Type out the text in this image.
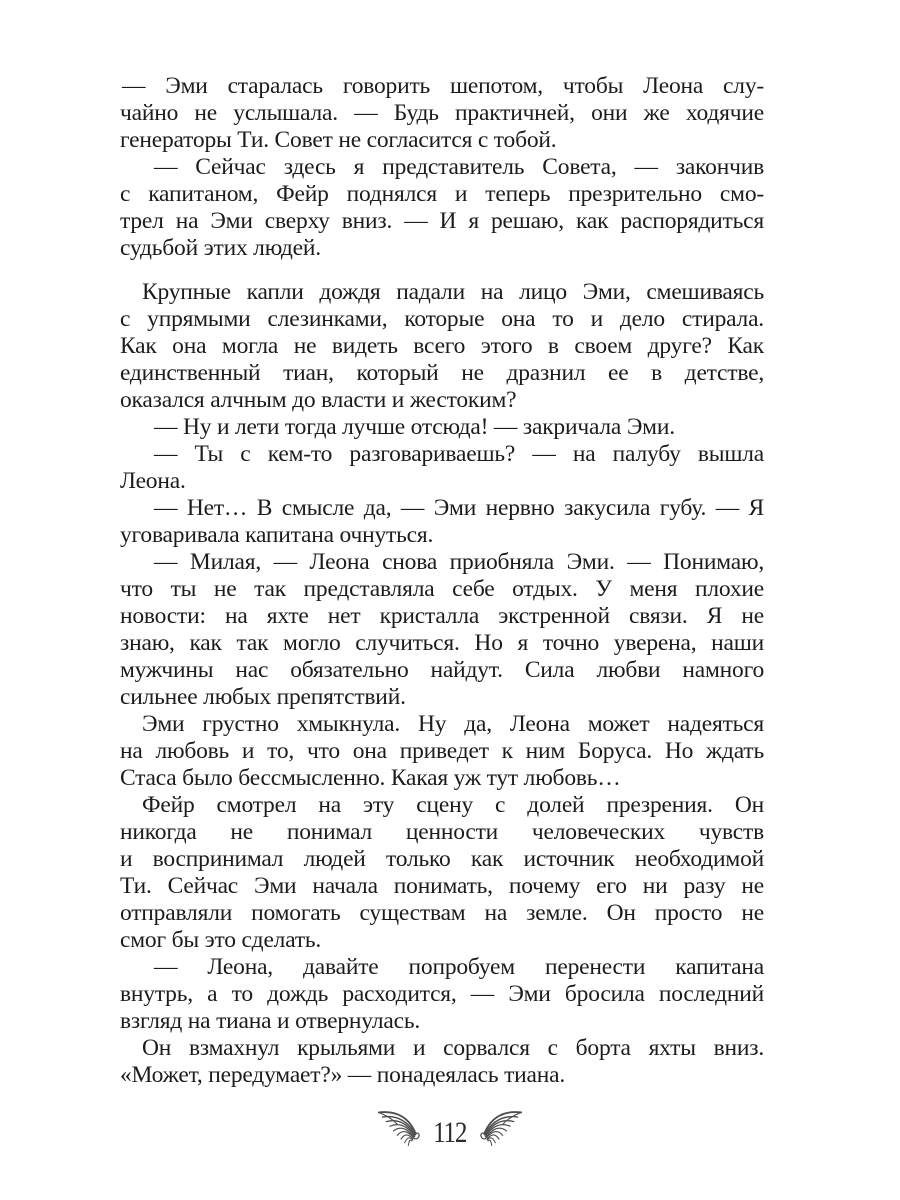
— Эми старалась говорить шепотом, чтобы Леона слу-
чайно не услышала. — Будь практичней, они же ходячие
генераторы Ти. Совет не согласится с тобой.
— Сейчас здесь я представитель Совета, — закончив
с капитаном, Фейр поднялся и теперь презрительно смо-
трел на Эми сверху вниз. — И я решаю, как распорядиться
судьбой этих людей.
Крупные капли дождя падали на лицо Эми, смешиваясь
с упрямыми слезинками, которые она то и дело стирала.
Как она могла не видеть всего этого в своем друге? Как
единственный тиан, который не дразнил ее в детстве,
оказался алчным до власти и жестоким?
— Ну и лети тогда лучше отсюда! — закричала Эми.
— Ты с кем-то разговариваешь? — на палубу вышла
Леона.
— Нет… В смысле да, — Эми нервно закусила губу. — Я
уговаривала капитана очнуться.
— Милая, — Леона снова приобняла Эми. — Понимаю,
что ты не так представляла себе отдых. У меня плохие
новости: на яхте нет кристалла экстренной связи. Я не
знаю, как так могло случиться. Но я точно уверена, наши
мужчины нас обязательно найдут. Сила любви намного
сильнее любых препятствий.
Эми грустно хмыкнула. Ну да, Леона может надеяться
на любовь и то, что она приведет к ним Боруса. Но ждать
Стаса было бессмысленно. Какая уж тут любовь…
Фейр смотрел на эту сцену с долей презрения. Он
никогда не понимал ценности человеческих чувств
и воспринимал людей только как источник необходимой
Ти. Сейчас Эми начала понимать, почему его ни разу не
отправляли помогать существам на земле. Он просто не
смог бы это сделать.
— Леона, давайте попробуем перенести капитана
внутрь, а то дождь расходится, — Эми бросила последний
взгляд на тиана и отвернулась.
Он взмахнул крыльями и сорвался с борта яхты вниз.
«Может, передумает?» — понадеялась тиана.
112
